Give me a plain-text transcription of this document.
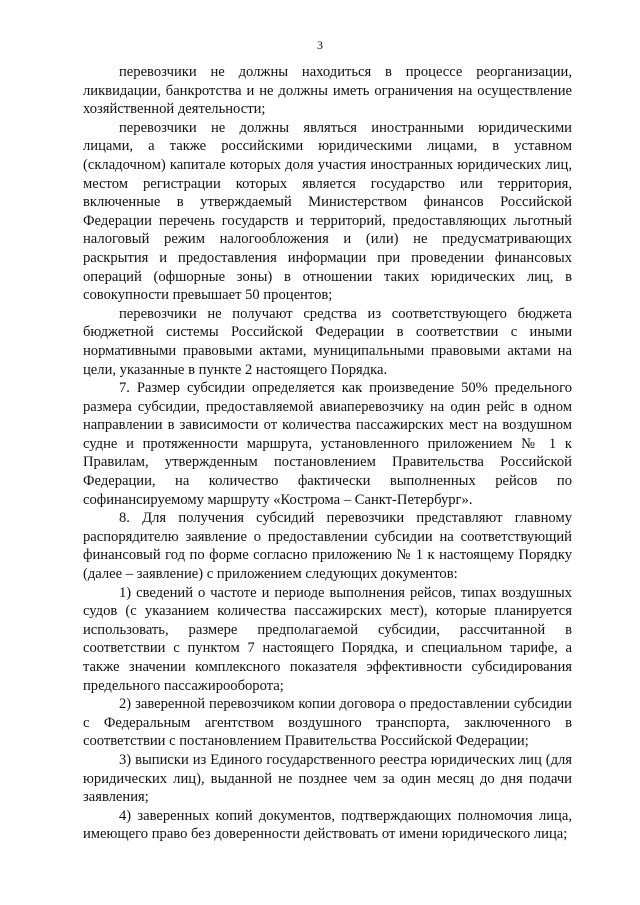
3

перевозчики не должны находиться в процессе реорганизации, ликвидации, банкротства и не должны иметь ограничения на осуществление хозяйственной деятельности;

перевозчики не должны являться иностранными юридическими лицами, а также российскими юридическими лицами, в уставном (складочном) капитале которых доля участия иностранных юридических лиц, местом регистрации которых является государство или территория, включенные в утверждаемый Министерством финансов Российской Федерации перечень государств и территорий, предоставляющих льготный налоговый режим налогообложения и (или) не предусматривающих раскрытия и предоставления информации при проведении финансовых операций (офшорные зоны) в отношении таких юридических лиц, в совокупности превышает 50 процентов;

перевозчики не получают средства из соответствующего бюджета бюджетной системы Российской Федерации в соответствии с иными нормативными правовыми актами, муниципальными правовыми актами на цели, указанные в пункте 2 настоящего Порядка.

7. Размер субсидии определяется как произведение 50% предельного размера субсидии, предоставляемой авиаперевозчику на один рейс в одном направлении в зависимости от количества пассажирских мест на воздушном судне и протяженности маршрута, установленного приложением № 1 к Правилам, утвержденным постановлением Правительства Российской Федерации, на количество фактически выполненных рейсов по софинансируемому маршруту «Кострома – Санкт-Петербург».

8. Для получения субсидий перевозчики представляют главному распорядителю заявление о предоставлении субсидии на соответствующий финансовый год по форме согласно приложению № 1 к настоящему Порядку (далее – заявление) с приложением следующих документов:

1) сведений о частоте и периоде выполнения рейсов, типах воздушных судов (с указанием количества пассажирских мест), которые планируется использовать, размере предполагаемой субсидии, рассчитанной в соответствии с пунктом 7 настоящего Порядка, и специальном тарифе, а также значении комплексного показателя эффективности субсидирования предельного пассажирооборота;

2) заверенной перевозчиком копии договора о предоставлении субсидии с Федеральным агентством воздушного транспорта, заключенного в соответствии с постановлением Правительства Российской Федерации;

3) выписки из Единого государственного реестра юридических лиц (для юридических лиц), выданной не позднее чем за один месяц до дня подачи заявления;

4) заверенных копий документов, подтверждающих полномочия лица, имеющего право без доверенности действовать от имени юридического лица;
